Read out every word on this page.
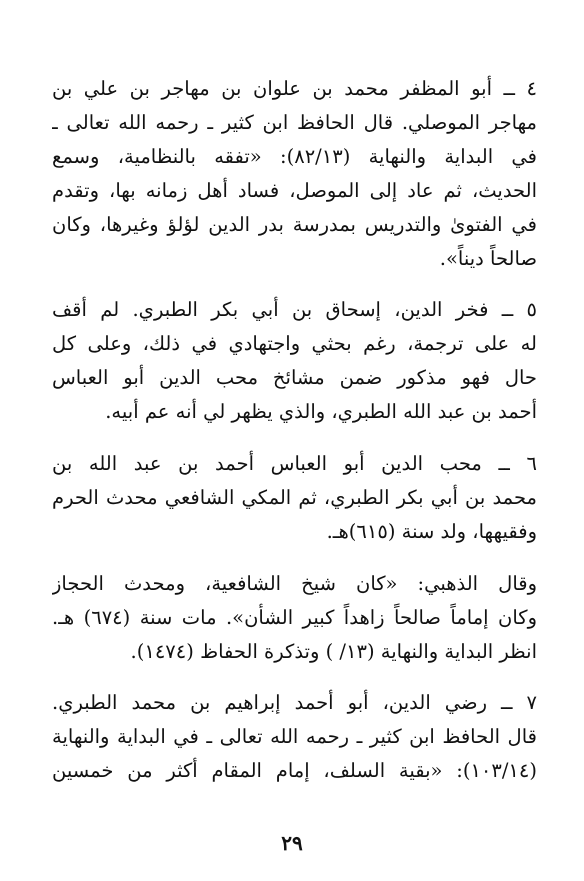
٤ ــ أبو المظفر محمد بن علوان بن مهاجر بن علي بن
مهاجر الموصلي. قال الحافظ ابن كثير ـ رحمه الله تعالى ـ
في البداية والنهاية (٨٢/١٣): «تفقه بالنظامية، وسمع
الحديث، ثم عاد إلى الموصل، فساد أهل زمانه بها، وتقدم
في الفتوىٰ والتدريس بمدرسة بدر الدين لؤلؤ وغيرها، وكان
صالحاً ديناً».
٥ ــ فخر الدين، إسحاق بن أبي بكر الطبري. لم أقف
له على ترجمة، رغم بحثي واجتهادي في ذلك، وعلى كل
حال فهو مذكور ضمن مشائخ محب الدين أبو العباس
أحمد بن عبد الله الطبري، والذي يظهر لي أنه عم أبيه.
٦ ــ محب الدين أبو العباس أحمد بن عبد الله بن
محمد بن أبي بكر الطبري، ثم المكي الشافعي محدث الحرم
وفقيهها، ولد سنة (٦١٥)هـ.
وقال الذهبي: «كان شيخ الشافعية، ومحدث الحجاز
وكان إماماً صالحاً زاهداً كبير الشأن». مات سنة (٦٧٤) هـ.
انظر البداية والنهاية (١٣/ ) وتذكرة الحفاظ (١٤٧٤).
٧ ــ رضي الدين، أبو أحمد إبراهيم بن محمد الطبري.
قال الحافظ ابن كثير ـ رحمه الله تعالى ـ في البداية والنهاية
(١٠٣/١٤): «بقية السلف، إمام المقام أكثر من خمسين
٢٩
